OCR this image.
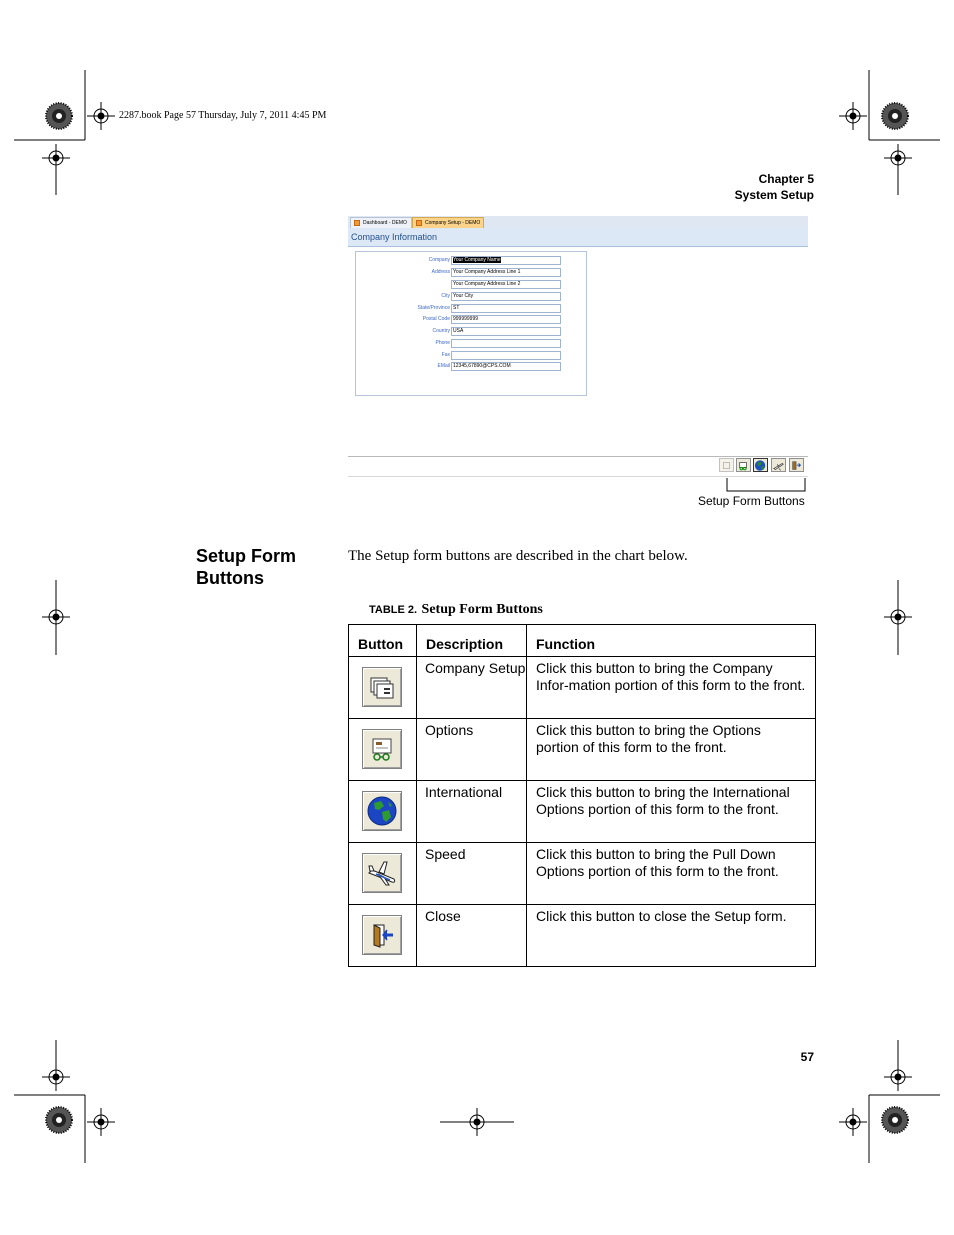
2287.book Page 57 Thursday, July 7, 2011 4:45 PM
Chapter 5
System Setup
Dashboard - DEMO	Company Setup - DEMO
Company Information
Company Your Company Name
Address Your Company Address Line 1
Your Company Address Line 2
City Your City
State/Province ST
Postal Code 999999999
Country USA
Phone
Fax
EMail 12345,67890@CPS.COM
Setup Form Buttons
Setup Form Buttons
The Setup form buttons are described in the chart below.
TABLE 2. Setup Form Buttons
Button	Description	Function

	Company Setup	Click this button to bring the Company Infor-mation portion of this form to the front.

	Options	Click this button to bring the Options portion of this form to the front.

	International	Click this button to bring the International Options portion of this form to the front.

	Speed	Click this button to bring the Pull Down Options portion of this form to the front.

	Close	Click this button to close the Setup form.
57
